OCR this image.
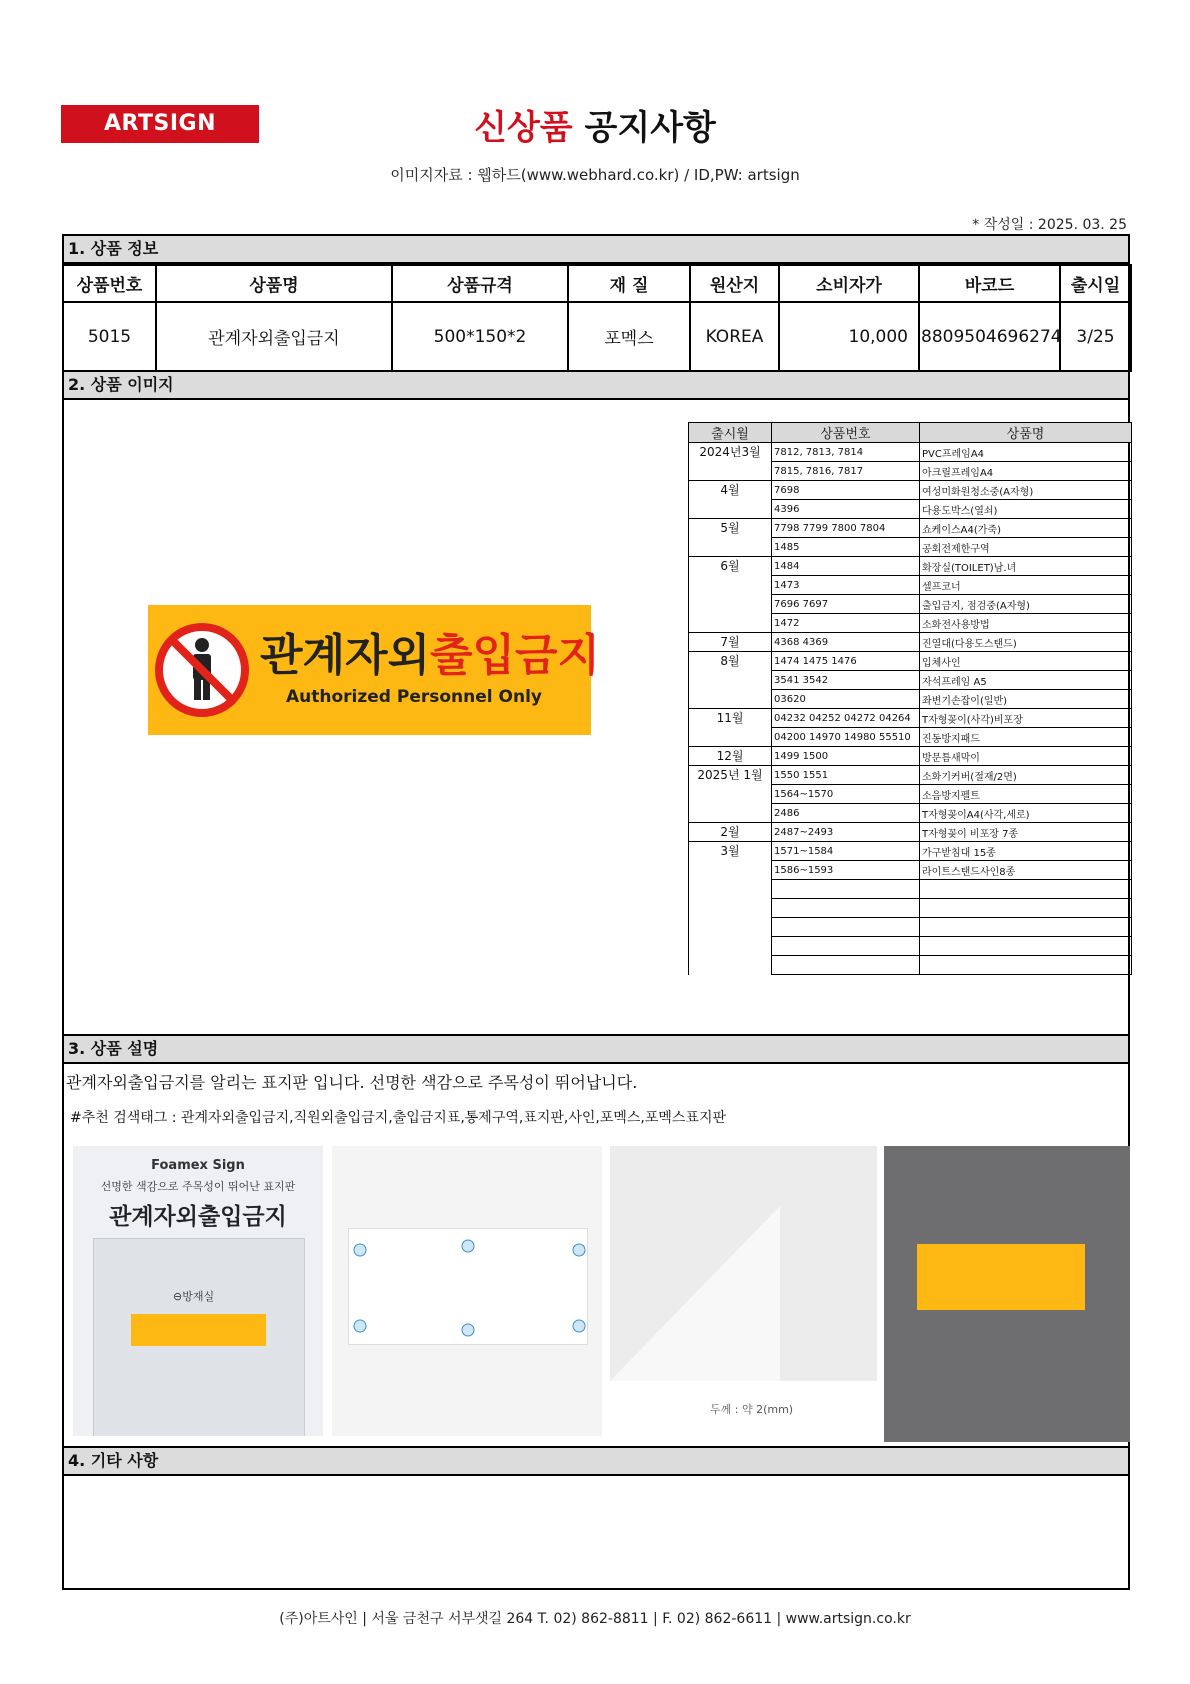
ARTSIGN	신상품 공지사항
이미지자료 : 웹하드(www.webhard.co.kr) / ID,PW: artsign
* 작성일 : 2025. 03. 25
1. 상품 정보
상품번호	상품명	상품규격	재 질	원산지	소비자가	바코드	출시일
5015	관계자외출입금지	500*150*2	포멕스	KOREA	10,000	8809504696274	3/25
2. 상품 이미지
관계자외출입금지
Authorized Personnel Only
출시월	상품번호	상품명
2024년3월	7812, 7813, 7814	PVC프레임A4
	7815, 7816, 7817	아크릴프레임A4
4월	7698	여성미화원청소중(A자형)
	4396	다용도박스(열쇠)
5월	7798 7799 7800 7804	쇼케이스A4(가죽)
	1485	공회전제한구역
6월	1484	화장실(TOILET)남.녀
	1473	셀프코너
	7696 7697	출입금지, 점검중(A자형)
	1472	소화전사용방법
7월	4368 4369	진열대(다용도스탠드)
8월	1474 1475 1476	입체사인
	3541 3542	자석프레임 A5
	03620	좌변기손잡이(일반)
11월	04232 04252 04272 04264	T자형꽂이(사각)비포장
	04200 14970 14980 55510	진동방지패드
12월	1499 1500	방문틈새막이
2025년 1월	1550 1551	소화기커버(절재/2면)
	1564~1570	소음방지펠트
	2486	T자형꽂이A4(사각,세로)
2월	2487~2493	T자형꽂이 비포장 7종
3월	1571~1584	가구받침대 15종
	1586~1593	라이트스탠드사인8종

3. 상품 설명
관계자외출입금지를 알리는 표지판 입니다. 선명한 색감으로 주목성이 뛰어납니다.
#추천 검색태그 : 관계자외출입금지,직원외출입금지,출입금지표,통제구역,표지판,사인,포멕스,포멕스표지판
Foamex Sign
선명한 색감으로 주목성이 뛰어난 표지판
관계자외출입금지
⊖방재실
두께 : 약 2(mm)
4. 기타 사항
(주)아트사인 | 서울 금천구 서부샛길 264 T. 02) 862-8811 | F. 02) 862-6611 | www.artsign.co.kr
